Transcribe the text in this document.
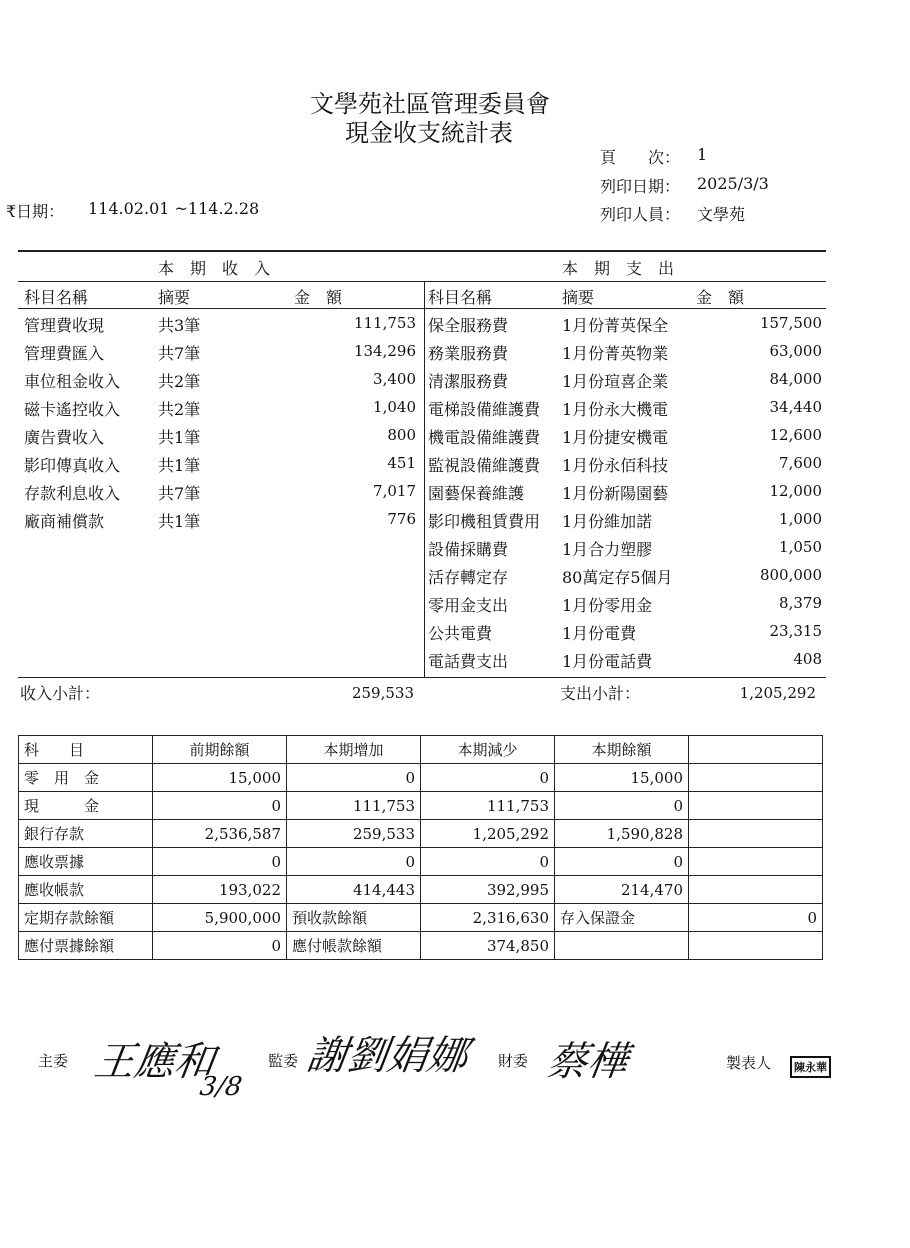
文學苑社區管理委員會
現金收支統計表
頁　　次： 1
列印日期： 2025/3/3
列印人員： 文學苑
₹日期： 114.02.01 ~114.2.28
本　期　收　入	本　期　支　出
科目名稱	摘要	金　額	科目名稱	摘要	金　額
管理費收現	共3筆	111,753
管理費匯入	共7筆	134,296
車位租金收入 共2筆	3,400
磁卡遙控收入 共2筆	1,040
廣告費收入	共1筆	800
影印傳真收入 共1筆	451
存款利息收入 共7筆	7,017
廠商補償款	共1筆	776
保全服務費	1月份菁英保全	157,500
務業服務費	1月份菁英物業	63,000
清潔服務費	1月份瑄喜企業	84,000
電梯設備維護費 1月份永大機電	34,440
機電設備維護費 1月份捷安機電	12,600
監視設備維護費 1月份永佰科技	7,600
園藝保養維護 1月份新陽園藝	12,000
影印機租賃費用 1月份維加諾	1,000
設備採購費	1月合力塑膠	1,050
活存轉定存	80萬定存5個月	800,000
零用金支出	1月份零用金	8,379
公共電費	1月份電費	23,315
電話費支出	1月份電話費	408
收入小計：	259,533	支出小計：	1,205,292
科　　目	前期餘額	本期增加	本期減少	本期餘額	
零　用　金	15,000	0	0	15,000	
現　　　金	0	111,753	111,753	0	
銀行存款	2,536,587	259,533	1,205,292	1,590,828	
應收票據	0	0	0	0	
應收帳款	193,022	414,443	392,995	214,470	
定期存款餘額	5,900,000	預收款餘額	2,316,630	存入保證金	0
應付票據餘額	0	應付帳款餘額	374,850		
主委 王應和
3/8
監委 謝劉娟娜 財委 蔡樺	製表人	陳永華
